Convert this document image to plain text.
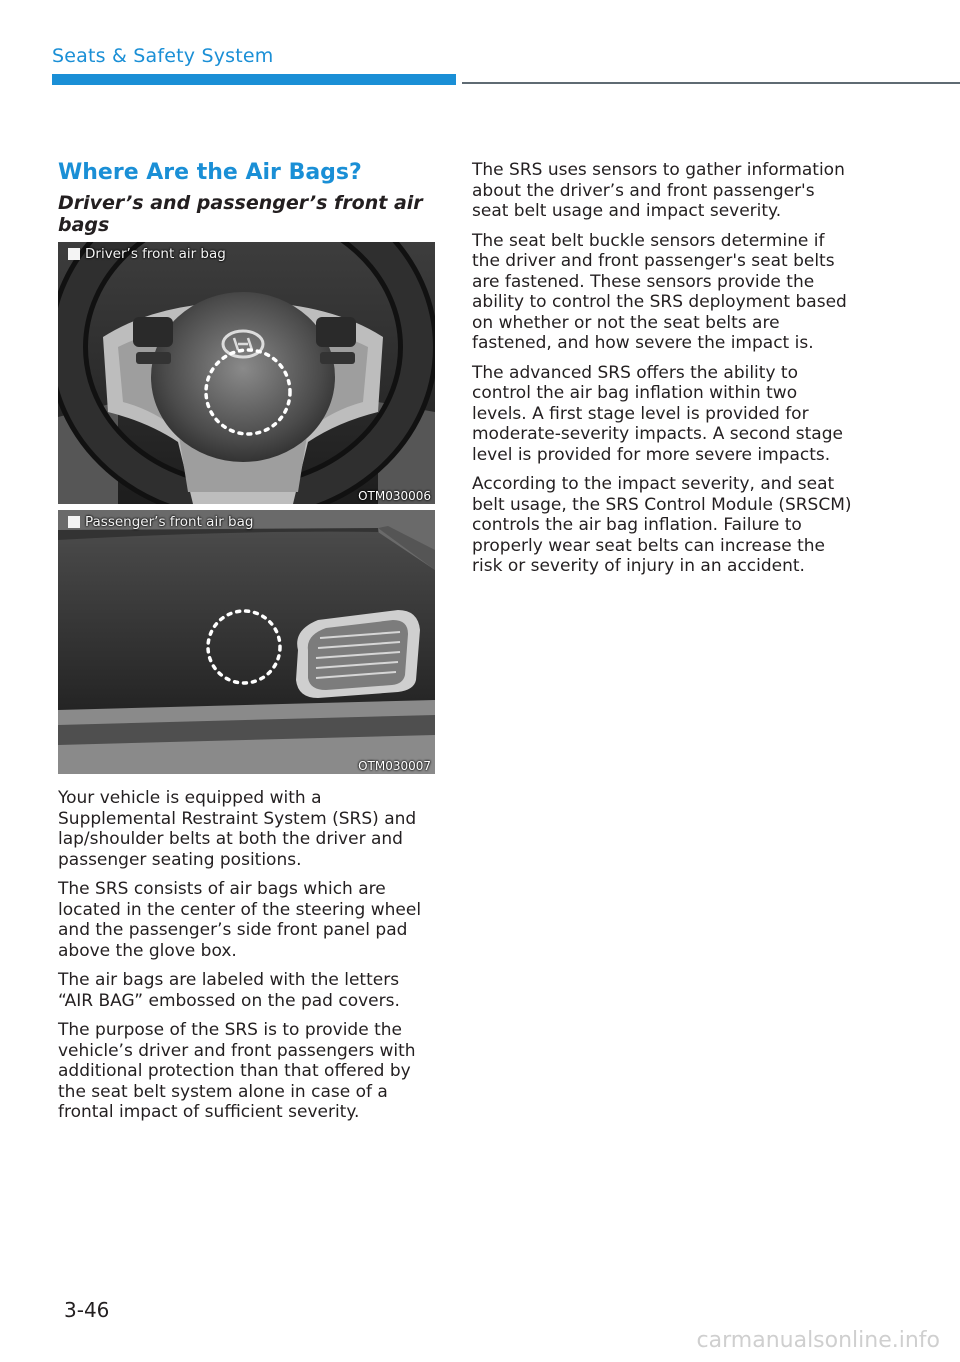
Seats & Safety System
Where Are the Air Bags?
Driver’s and passenger’s front air bags
Driver’s front air bag
OTM030006
Passenger’s front air bag
OTM030007

Your vehicle is equipped with a Supplemental Restraint System (SRS) and lap/shoulder belts at both the driver and passenger seating positions.

The SRS consists of air bags which are located in the center of the steering wheel and the passenger’s side front panel pad above the glove box.

The air bags are labeled with the letters “AIR BAG” embossed on the pad covers.

The purpose of the SRS is to provide the vehicle’s driver and front passengers with additional protection than that offered by the seat belt system alone in case of a frontal impact of sufficient severity.

The SRS uses sensors to gather information about the driver’s and front passenger's seat belt usage and impact severity.

The seat belt buckle sensors determine if the driver and front passenger's seat belts are fastened. These sensors provide the ability to control the SRS deployment based on whether or not the seat belts are fastened, and how severe the impact is.

The advanced SRS offers the ability to control the air bag inflation within two levels. A first stage level is provided for moderate-severity impacts. A second stage level is provided for more severe impacts.

According to the impact severity, and seat belt usage, the SRS Control Module (SRSCM) controls the air bag inflation. Failure to properly wear seat belts can increase the risk or severity of injury in an accident.

3-46
carmanualsonline.info
